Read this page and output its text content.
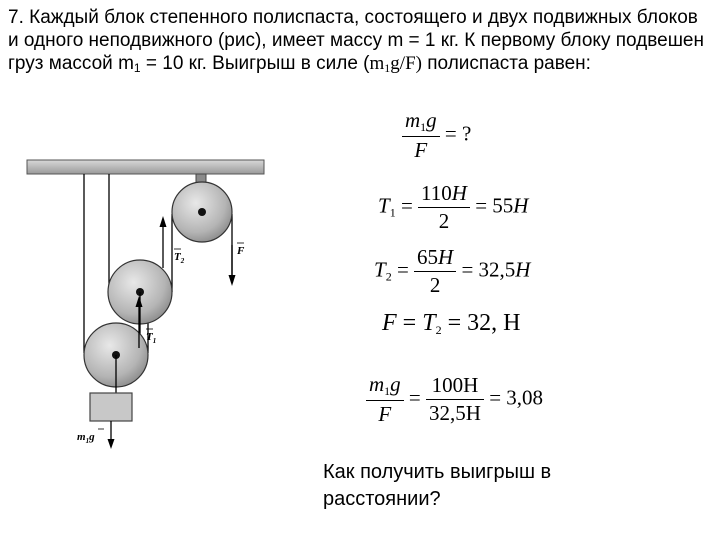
7. Каждый блок степенного полиспаста, состоящего и двух подвижных блоков и одного неподвижного (рис), имеет массу m = 1 кг. К первому блоку подвешен груз массой $m_1 = 10$ кг. Выигрыш в силе $(m_1g/F)$ полиспаста равен:

$T_2$
F
$T_1$
$m_1g$
$\frac{m1g}{F}$ = ?
$T1 = \frac{110H}{2} = 55H$
$T2 = \frac{65H}{2} = 32,5H$
F = T2 = 32, H
$\frac{m1g}{F} = \frac{100H}{32,5H} = 3,08$

Как получить выигрыш в
расстоянии?
